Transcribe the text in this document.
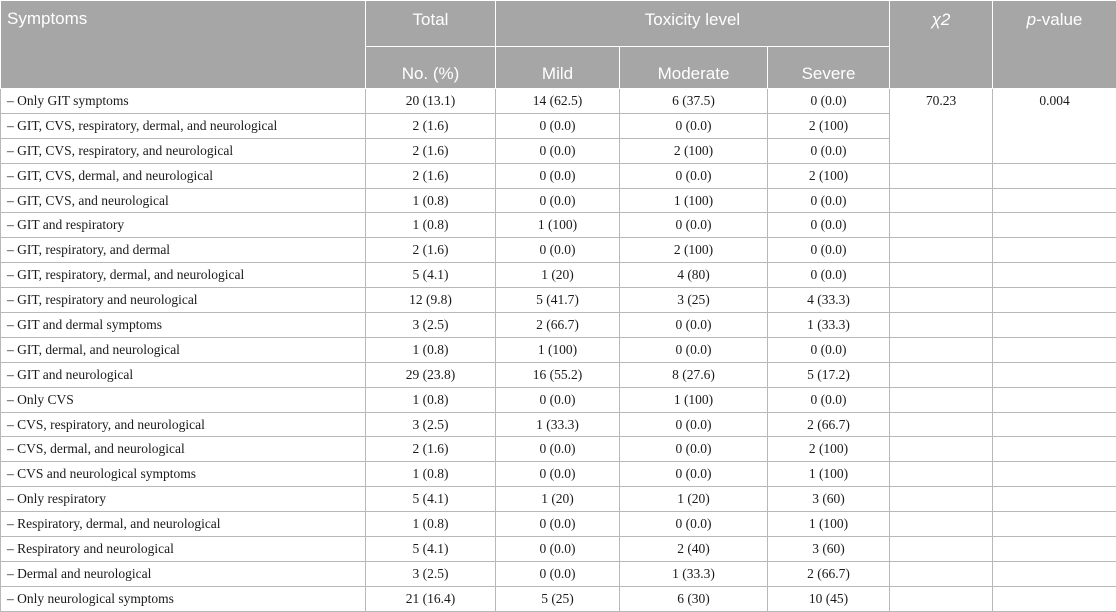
Symptoms	Total	Toxicity level			χ2	p-value
	No. (%)	Mild	Moderate	Severe		
– Only GIT symptoms	20 (13.1)	14 (62.5)	6 (37.5)	0 (0.0)	70.23	0.004
– GIT, CVS, respiratory, dermal, and neurological	2 (1.6)	0 (0.0)	0 (0.0)	2 (100)		
– GIT, CVS, respiratory, and neurological	2 (1.6)	0 (0.0)	2 (100)	0 (0.0)		
– GIT, CVS, dermal, and neurological	2 (1.6)	0 (0.0)	0 (0.0)	2 (100)		
– GIT, CVS, and neurological	1 (0.8)	0 (0.0)	1 (100)	0 (0.0)		
– GIT and respiratory	1 (0.8)	1 (100)	0 (0.0)	0 (0.0)		
– GIT, respiratory, and dermal	2 (1.6)	0 (0.0)	2 (100)	0 (0.0)		
– GIT, respiratory, dermal, and neurological	5 (4.1)	1 (20)	4 (80)	0 (0.0)		
– GIT, respiratory and neurological	12 (9.8)	5 (41.7)	3 (25)	4 (33.3)		
– GIT and dermal symptoms	3 (2.5)	2 (66.7)	0 (0.0)	1 (33.3)		
– GIT, dermal, and neurological	1 (0.8)	1 (100)	0 (0.0)	0 (0.0)		
– GIT and neurological	29 (23.8)	16 (55.2)	8 (27.6)	5 (17.2)		
– Only CVS	1 (0.8)	0 (0.0)	1 (100)	0 (0.0)		
– CVS, respiratory, and neurological	3 (2.5)	1 (33.3)	0 (0.0)	2 (66.7)		
– CVS, dermal, and neurological	2 (1.6)	0 (0.0)	0 (0.0)	2 (100)		
– CVS and neurological symptoms	1 (0.8)	0 (0.0)	0 (0.0)	1 (100)		
– Only respiratory	5 (4.1)	1 (20)	1 (20)	3 (60)		
– Respiratory, dermal, and neurological	1 (0.8)	0 (0.0)	0 (0.0)	1 (100)		
– Respiratory and neurological	5 (4.1)	0 (0.0)	2 (40)	3 (60)		
– Dermal and neurological	3 (2.5)	0 (0.0)	1 (33.3)	2 (66.7)		
– Only neurological symptoms	21 (16.4)	5 (25)	6 (30)	10 (45)		
